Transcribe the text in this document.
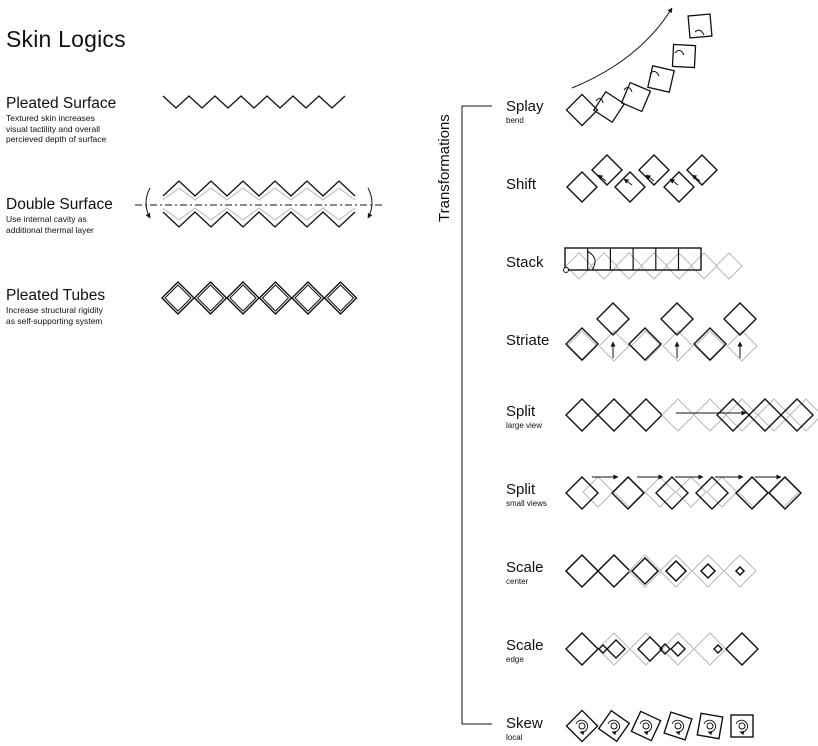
Skin Logics
Pleated Surface
Textured skin increases
visual tactility and overall
percieved depth of surface
Double Surface
Use internal cavity as
additional thermal layer
Pleated Tubes
Increase structural rigidity
as self-supporting system
Transformations
Splay
bend
Shift
Stack
Striate
Split
large view
Split
small views
Scale
center
Scale
edge
Skew
local
